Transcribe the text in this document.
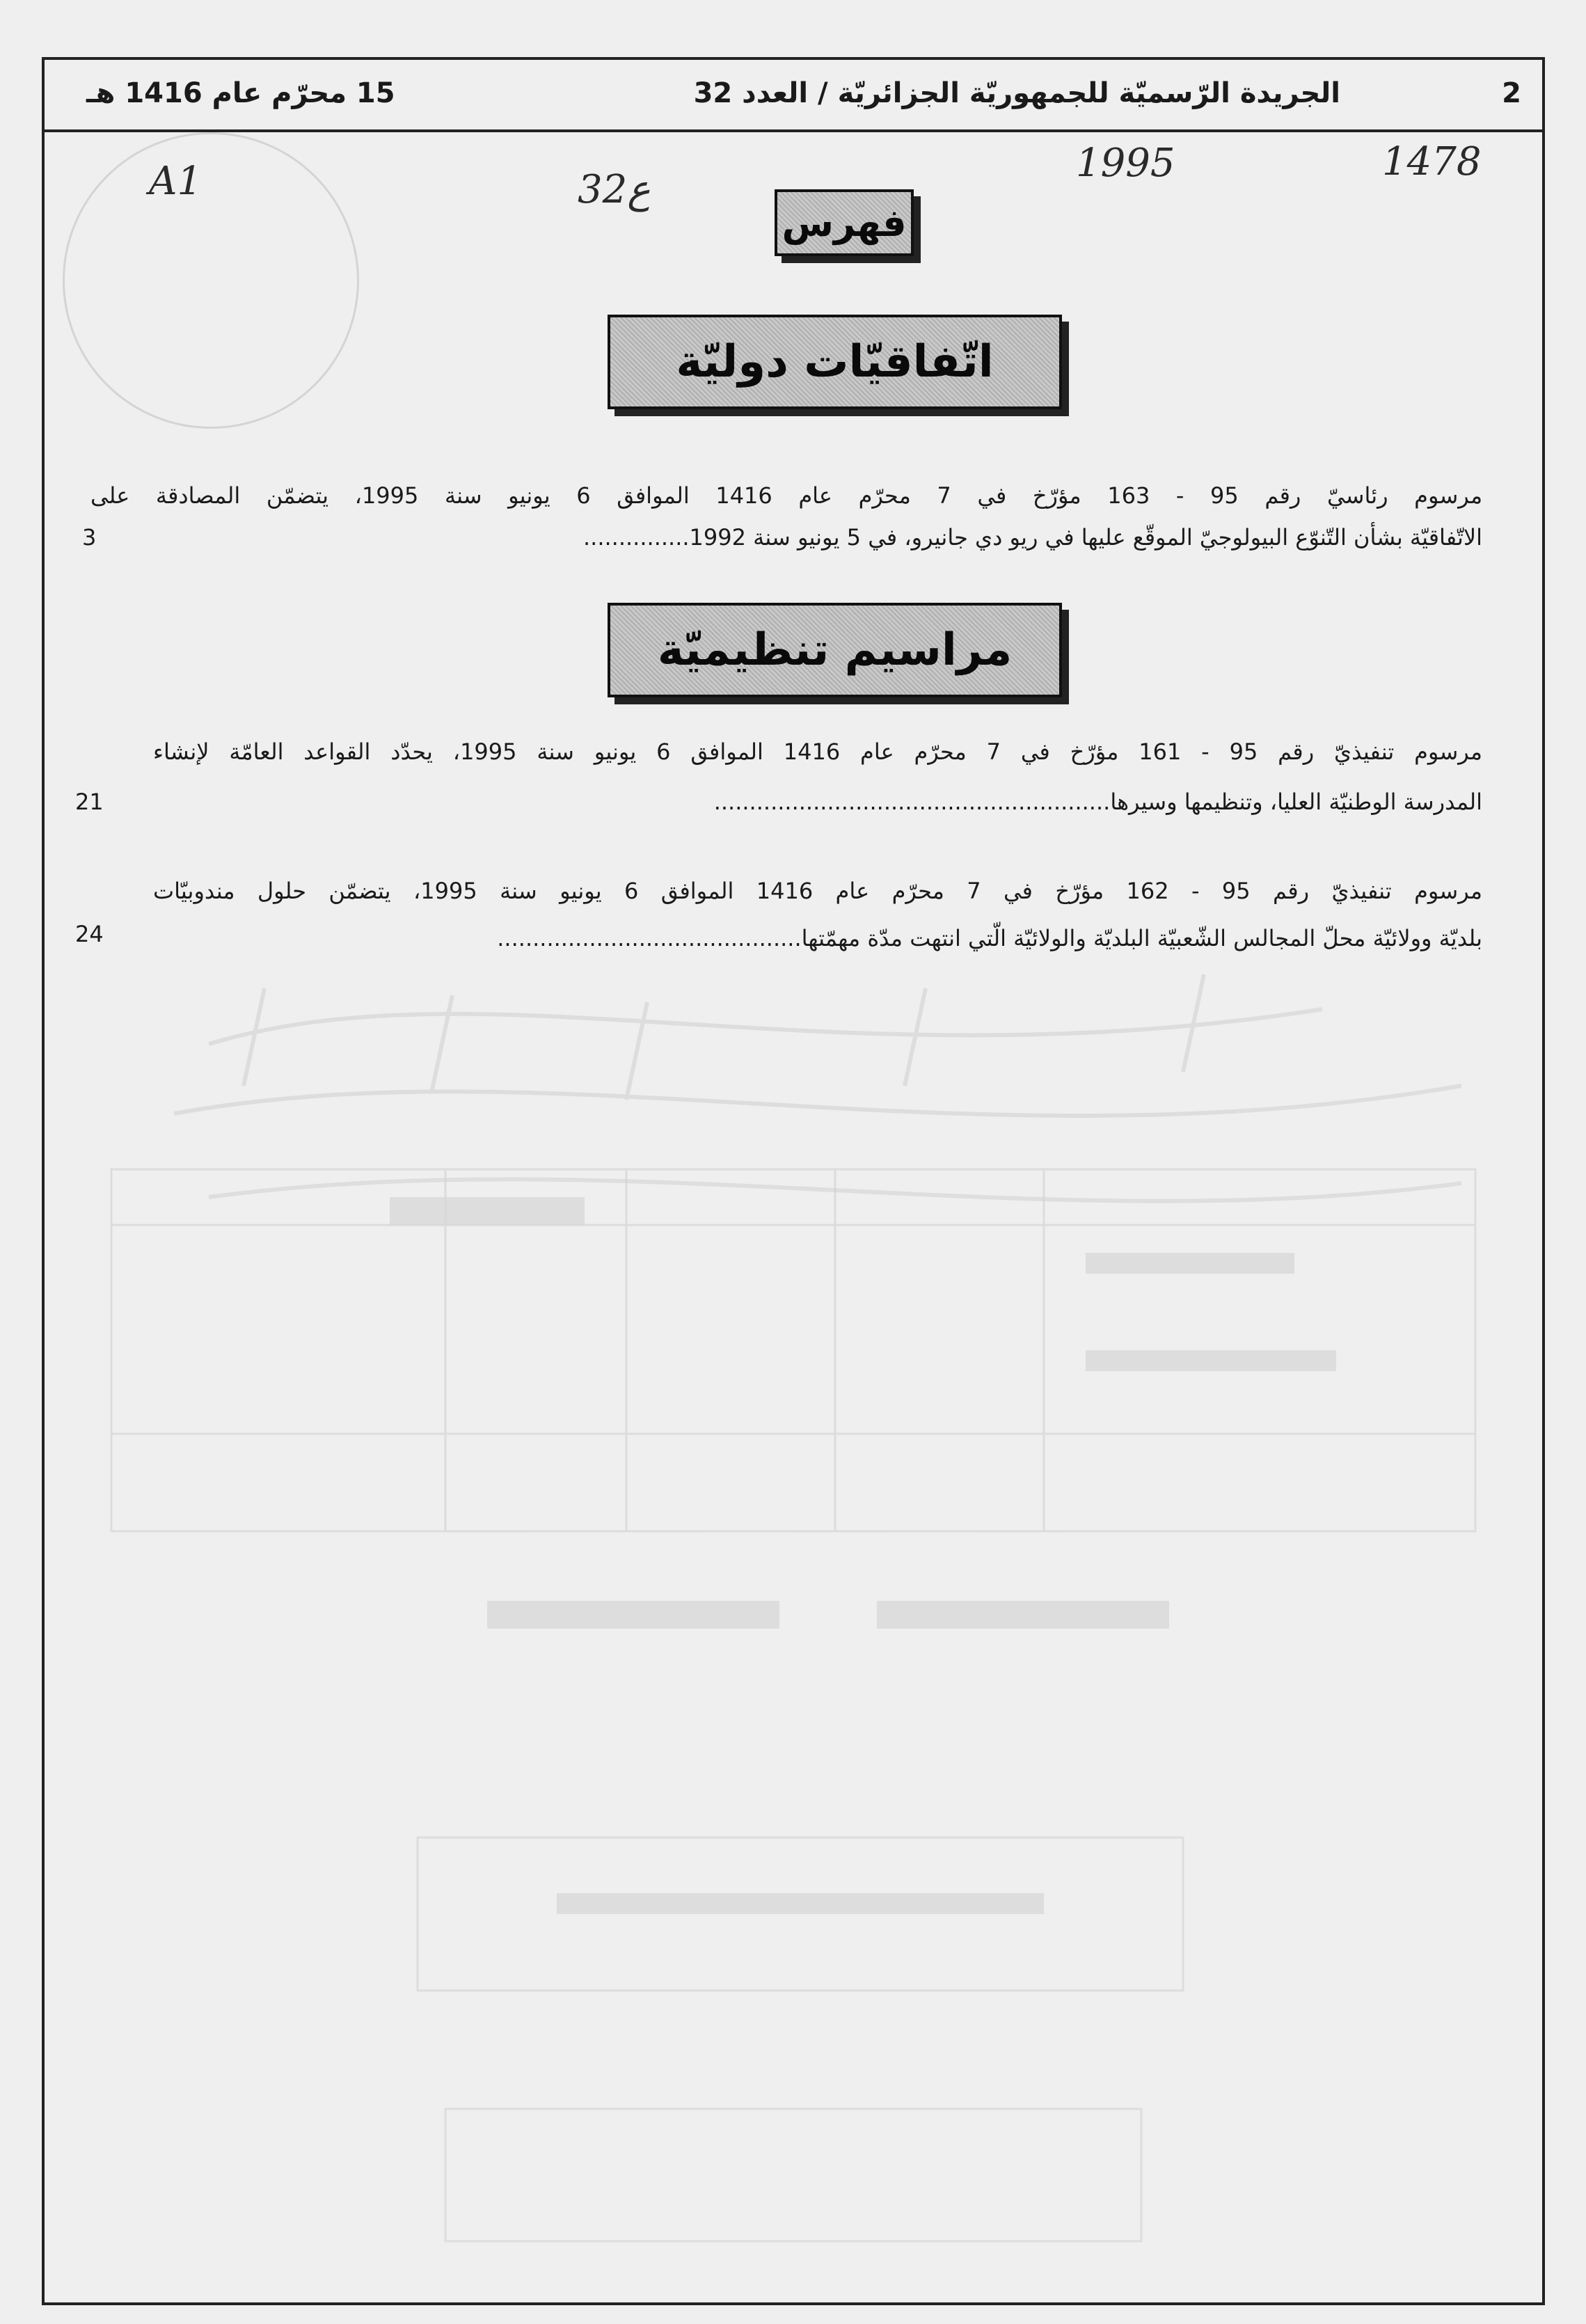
2
الجريدة الرّسميّة للجمهوريّة الجزائريّة / العدد 32
15 محرّم عام 1416 هـ
A1	32ع
1995	1478
فهرس
اتّفاقيّات دوليّة
مرسوم رئاسيّ رقم 95 - 163 مؤرّخ في 7 محرّم عام 1416 الموافق 6 يونيو سنة 1995، يتضمّن المصادقة على
الاتّفاقيّة بشأن التّنوّع البيولوجيّ الموقّع عليها في ريو دي جانيرو، في 5 يونيو سنة 1992...............
3
مراسيم تنظيميّة
مرسوم تنفيذيّ رقم 95 - 161 مؤرّخ في 7 محرّم عام 1416 الموافق 6 يونيو سنة 1995، يحدّد القواعد العامّة لإنشاء
المدرسة الوطنيّة العليا، وتنظيمها وسيرها........................................................
21
مرسوم تنفيذيّ رقم 95 - 162 مؤرّخ في 7 محرّم عام 1416 الموافق 6 يونيو سنة 1995، يتضمّن حلول مندوبيّات
بلديّة وولائيّة محلّ المجالس الشّعبيّة البلديّة والولائيّة الّتي انتهت مدّة مهمّتها...........................................
24
